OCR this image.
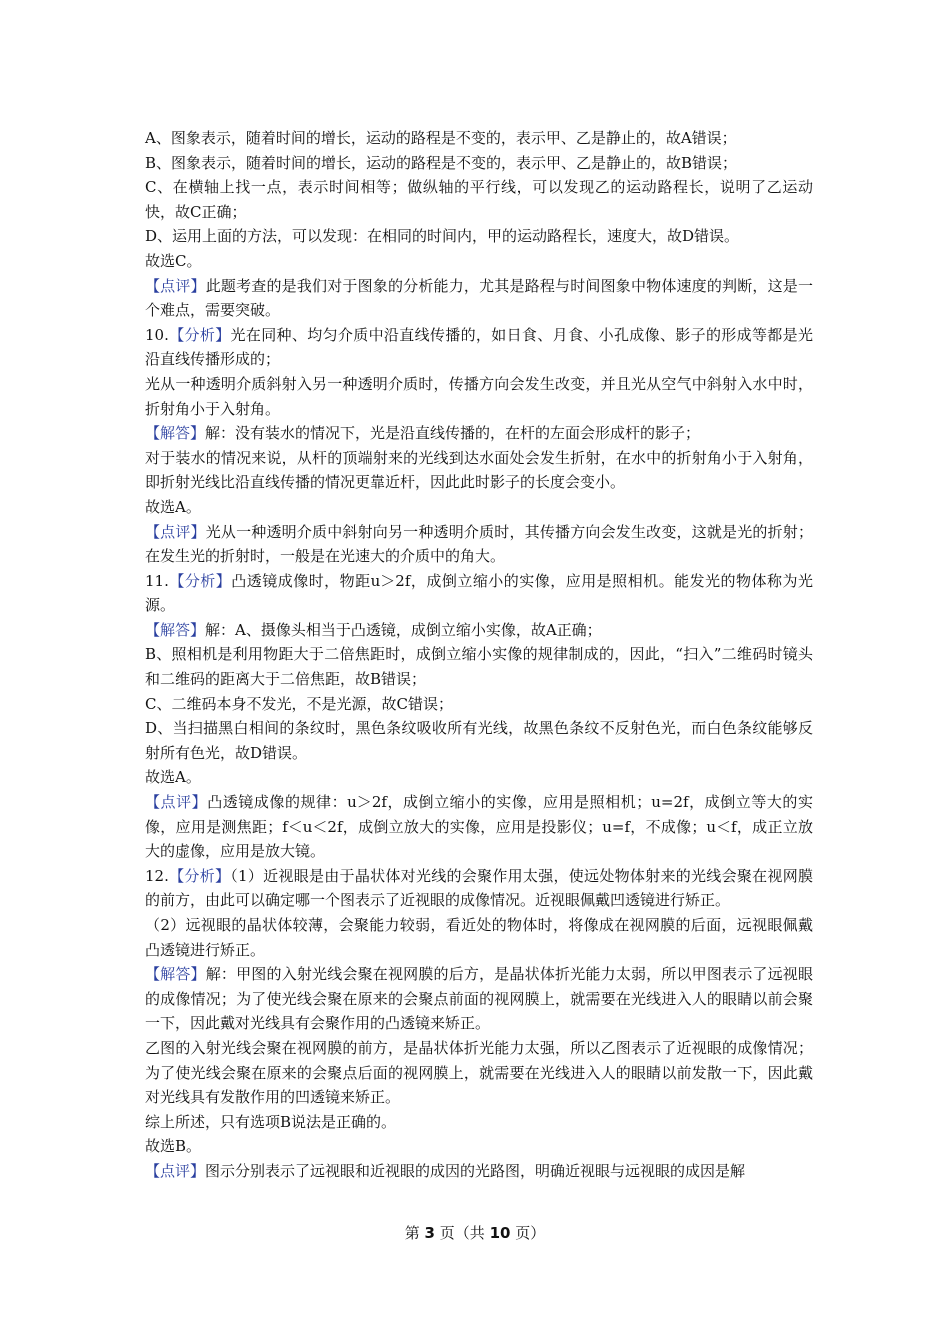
A、图象表示，随着时间的增长，运动的路程是不变的，表示甲、乙是静止的，故A错误；

B、图象表示，随着时间的增长，运动的路程是不变的，表示甲、乙是静止的，故B错误；

C、在横轴上找一点，表示时间相等；做纵轴的平行线，可以发现乙的运动路程长，说明了乙运动快，故C正确；

D、运用上面的方法，可以发现：在相同的时间内，甲的运动路程长，速度大，故D错误。

故选C。

【点评】此题考查的是我们对于图象的分析能力，尤其是路程与时间图象中物体速度的判断，这是一个难点，需要突破。

10.【分析】光在同种、均匀介质中沿直线传播的，如日食、月食、小孔成像、影子的形成等都是光沿直线传播形成的；

光从一种透明介质斜射入另一种透明介质时，传播方向会发生改变，并且光从空气中斜射入水中时，折射角小于入射角。

【解答】解：没有装水的情况下，光是沿直线传播的，在杆的左面会形成杆的影子；

对于装水的情况来说，从杆的顶端射来的光线到达水面处会发生折射，在水中的折射角小于入射角，即折射光线比沿直线传播的情况更靠近杆，因此此时影子的长度会变小。

故选A。

【点评】光从一种透明介质中斜射向另一种透明介质时，其传播方向会发生改变，这就是光的折射；在发生光的折射时，一般是在光速大的介质中的角大。

11.【分析】凸透镜成像时，物距u＞2f，成倒立缩小的实像，应用是照相机。能发光的物体称为光源。

【解答】解：A、摄像头相当于凸透镜，成倒立缩小实像，故A正确；

B、照相机是利用物距大于二倍焦距时，成倒立缩小实像的规律制成的，因此，“扫入”二维码时镜头和二维码的距离大于二倍焦距，故B错误；

C、二维码本身不发光，不是光源，故C错误；

D、当扫描黑白相间的条纹时，黑色条纹吸收所有光线，故黑色条纹不反射色光，而白色条纹能够反射所有色光，故D错误。

故选A。

【点评】凸透镜成像的规律：u＞2f，成倒立缩小的实像，应用是照相机；u=2f，成倒立等大的实像，应用是测焦距；f＜u＜2f，成倒立放大的实像，应用是投影仪；u=f，不成像；u＜f，成正立放大的虚像，应用是放大镜。

12.【分析】（1）近视眼是由于晶状体对光线的会聚作用太强，使远处物体射来的光线会聚在视网膜的前方，由此可以确定哪一个图表示了近视眼的成像情况。近视眼佩戴凹透镜进行矫正。

（2）远视眼的晶状体较薄，会聚能力较弱，看近处的物体时，将像成在视网膜的后面，远视眼佩戴凸透镜进行矫正。

【解答】解：甲图的入射光线会聚在视网膜的后方，是晶状体折光能力太弱，所以甲图表示了远视眼的成像情况；为了使光线会聚在原来的会聚点前面的视网膜上，就需要在光线进入人的眼睛以前会聚一下，因此戴对光线具有会聚作用的凸透镜来矫正。

乙图的入射光线会聚在视网膜的前方，是晶状体折光能力太强，所以乙图表示了近视眼的成像情况；为了使光线会聚在原来的会聚点后面的视网膜上，就需要在光线进入人的眼睛以前发散一下，因此戴对光线具有发散作用的凹透镜来矫正。

综上所述，只有选项B说法是正确的。

故选B。

【点评】图示分别表示了远视眼和近视眼的成因的光路图，明确近视眼与远视眼的成因是解

第 3 页（共 10 页）
